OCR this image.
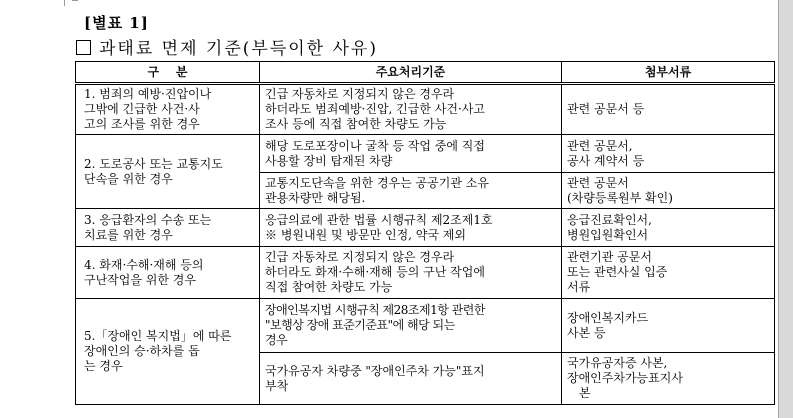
[별표 1]
과태료 면제 기준(부득이한 사유)
구    분	주요처리기준	첨부서류

1. 범죄의 예방·진압이나
그밖에 긴급한 사건·사
고의 조사를 위한 경우	긴급 자동차로 지정되지 않은 경우라
하더라도 범죄예방·진압, 긴급한 사건·사고
조사 등에 직접 참여한 차량도 가능	관련 공문서 등

2. 도로공사 또는 교통지도
단속을 위한 경우	해당 도로포장이나 굴착 등 작업 중에 직접
사용할 장비 탑재된 차량	관련 공문서,
공사 계약서 등

	교통지도단속을 위한 경우는 공공기관 소유
관용차량만 해당됨.	관련 공문서
(차량등록원부 확인)

3. 응급환자의 수송 또는
치료를 위한 경우	응급의료에 관한 법률 시행규칙 제2조제1호
※ 병원내원 및 방문만 인정, 약국 제외	응급진료확인서,
병원입원확인서

4. 화재·수해·재해 등의
구난작업을 위한 경우	긴급 자동차로 지정되지 않은 경우라
하더라도 화재·수해·재해 등의 구난 작업에
직접 참여한 차량도 가능	관련기관 공문서
또는 관련사실 입증
서류

5.「장애인 복지법」에 따른
장애인의 승·하차를 돕
는 경우	장애인복지법 시행규칙 제28조제1항 관련한
"보행상 장애 표준기준표"에 해당 되는
경우	장애인복지카드
사본 등

	국가유공자 차량중 "장애인주차 가능"표지
부착	국가유공자증 사본,
장애인주차가능표지사
본
